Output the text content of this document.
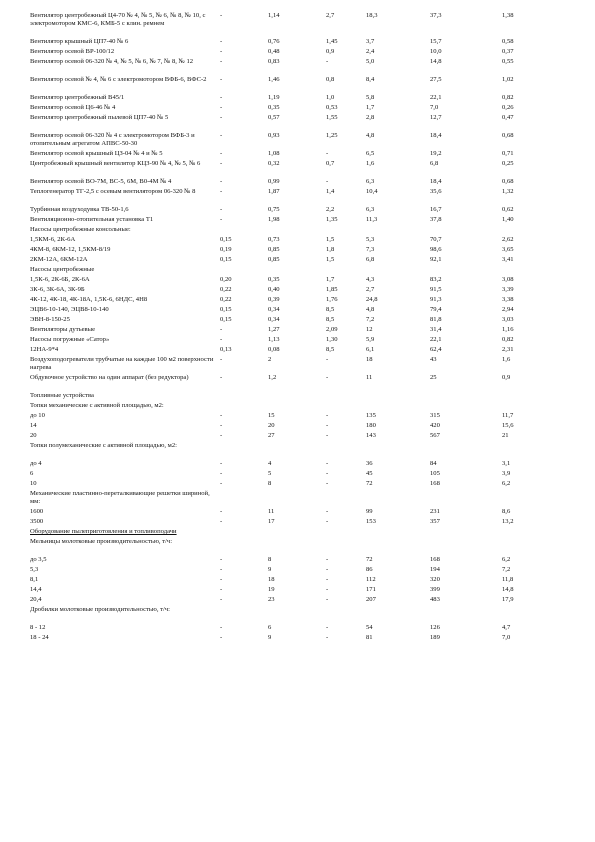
Вентилятор центробежный Ц4-70 № 4, № 5, № 6, № 8, № 10, с электромотором КМС-6, КМБ-5 с клин. ремнем
-	1,14	2,7	18,3	37,3	1,38
Вентилятор крышный ЦП7-40 № 6	-	0,76	1,45	3,7	15,7	0,58
Вентилятор осевой ВР-100/12	-	0,48	0,9	2,4	10,0	0,37
Вентилятор осевой 06-320 № 4, № 5, № 6, № 7, № 8, № 12	-	0,83	-	5,0	14,8	0,55
Вентилятор осевой № 4, № 6 с электромотором ВФБ-6, ВФС-2	-	1,46	0,8	8,4	27,5	1,02
Вентилятор центробежный В45/1	-	1,19	1,0	5,8	22,1	0,82
Вентилятор осевой Ц6-46 № 4	-	0,35	0,53	1,7	7,0	0,26
Вентилятор центробежный пылевой ЦП7-40 № 5	-	0,57	1,55	2,8	12,7	0,47
Вентилятор осевой 06-320 № 4 с электромотором ВФБ-3 и отопительным агрегатом АПВС-50-30
-	0,93	1,25	4,8	18,4	0,68
Вентилятор осевой крышный ЦЗ-04 № 4 и № 5	-	1,08	-	6,5	19,2	0,71
Центробежный крышный вентилятор КЦЗ-90 № 4, № 5, № 6	-	0,32	0,7	1,6	6,8	0,25
Вентилятор осевой ВО-7М, ВС-5, 6М, В0-4М № 4	-	0,99	-	6,3	18,4	0,68
Теплогенератор ТГ-2,5 с осевым вентилятором 06-320 № 8	-	1,87	1,4	10,4	35,6	1,32
Турбинная воздуходувка ТВ-50-1,6	-	0,75	2,2	6,3	16,7	0,62
Вентиляционно-отопительная установка Т1	-	1,98	1,35	11,3	37,8	1,40
Насосы центробежные консольные:
1,5КМ-6, 2К-6А	0,15	0,73	1,5	5,3	70,7	2,62
4КМ-8, 6КМ-12, 1,5КМ-8/19	0,19	0,85	1,8	7,3	98,6	3,65
2КМ-12А, 6КМ-12А	0,15	0,85	1,5	6,8	92,1	3,41
Насосы центробежные
1,5К-6, 2К-6Б, 2К-6А	0,20	0,35	1,7	4,3	83,2	3,08
3К-6, 3К-6А, 3К-9Б	0,22	0,40	1,85	2,7	91,5	3,39
4К-12, 4К-18, 4К-18А, 1,5К-6, 6НДС, 4Н8	0,22	0,39	1,76	24,8	91,3	3,38
ЭЦВ6-10-140, ЭЦВ8-10-140	0,15	0,34	8,5	4,8	79,4	2,94
ЭВН-8-150-25	0,15	0,34	8,5	7,2	81,8	3,03
Вентиляторы дутьевые	-	1,27	2,09	12	31,4	1,16
Насосы погружные «Сатор»	-	1,13	1,30	5,9	22,1	0,82
12НА-9*4	0,13	0,08	8,5	6,1	62,4	2,31
Воздухоподогреватели трубчатые на каждые 100 м2 поверхности нагрева
-	2	-	18	43	1,6
Обдувочное устройство на один аппарат (без редуктора)	-	1,2	-	11	25	0,9
Топливные устройства
Топки механические с активной площадью, м2:
до 10	-	15	-	135	315	11,7
14	-	20	-	180	420	15,6
20	-	27	-	143	567	21
Топки полумеханические с активной площадью, м2:
до 4	-	4	-	36	84	3,1
6	-	5	-	45	105	3,9
10	-	8	-	72	168	6,2
Механические пластинно-переталкивающие решетки шириной, мм:
1600	-	11	-	99	231	8,6
3500	-	17	-	153	357	13,2
Оборудование пылеприготовления и топливоподачи
Мельницы молотковые производительностью, т/ч:
до 3,5	-	8	-	72	168	6,2
5,3	-	9	-	86	194	7,2
8,1	-	18	-	112	320	11,8
14,4	-	19	-	171	399	14,8
20,4	-	23	-	207	483	17,9
Дробилки молотковые производительностью, т/ч:
8 - 12	-	6	-	54	126	4,7
18 - 24	-	9	-	81	189	7,0
